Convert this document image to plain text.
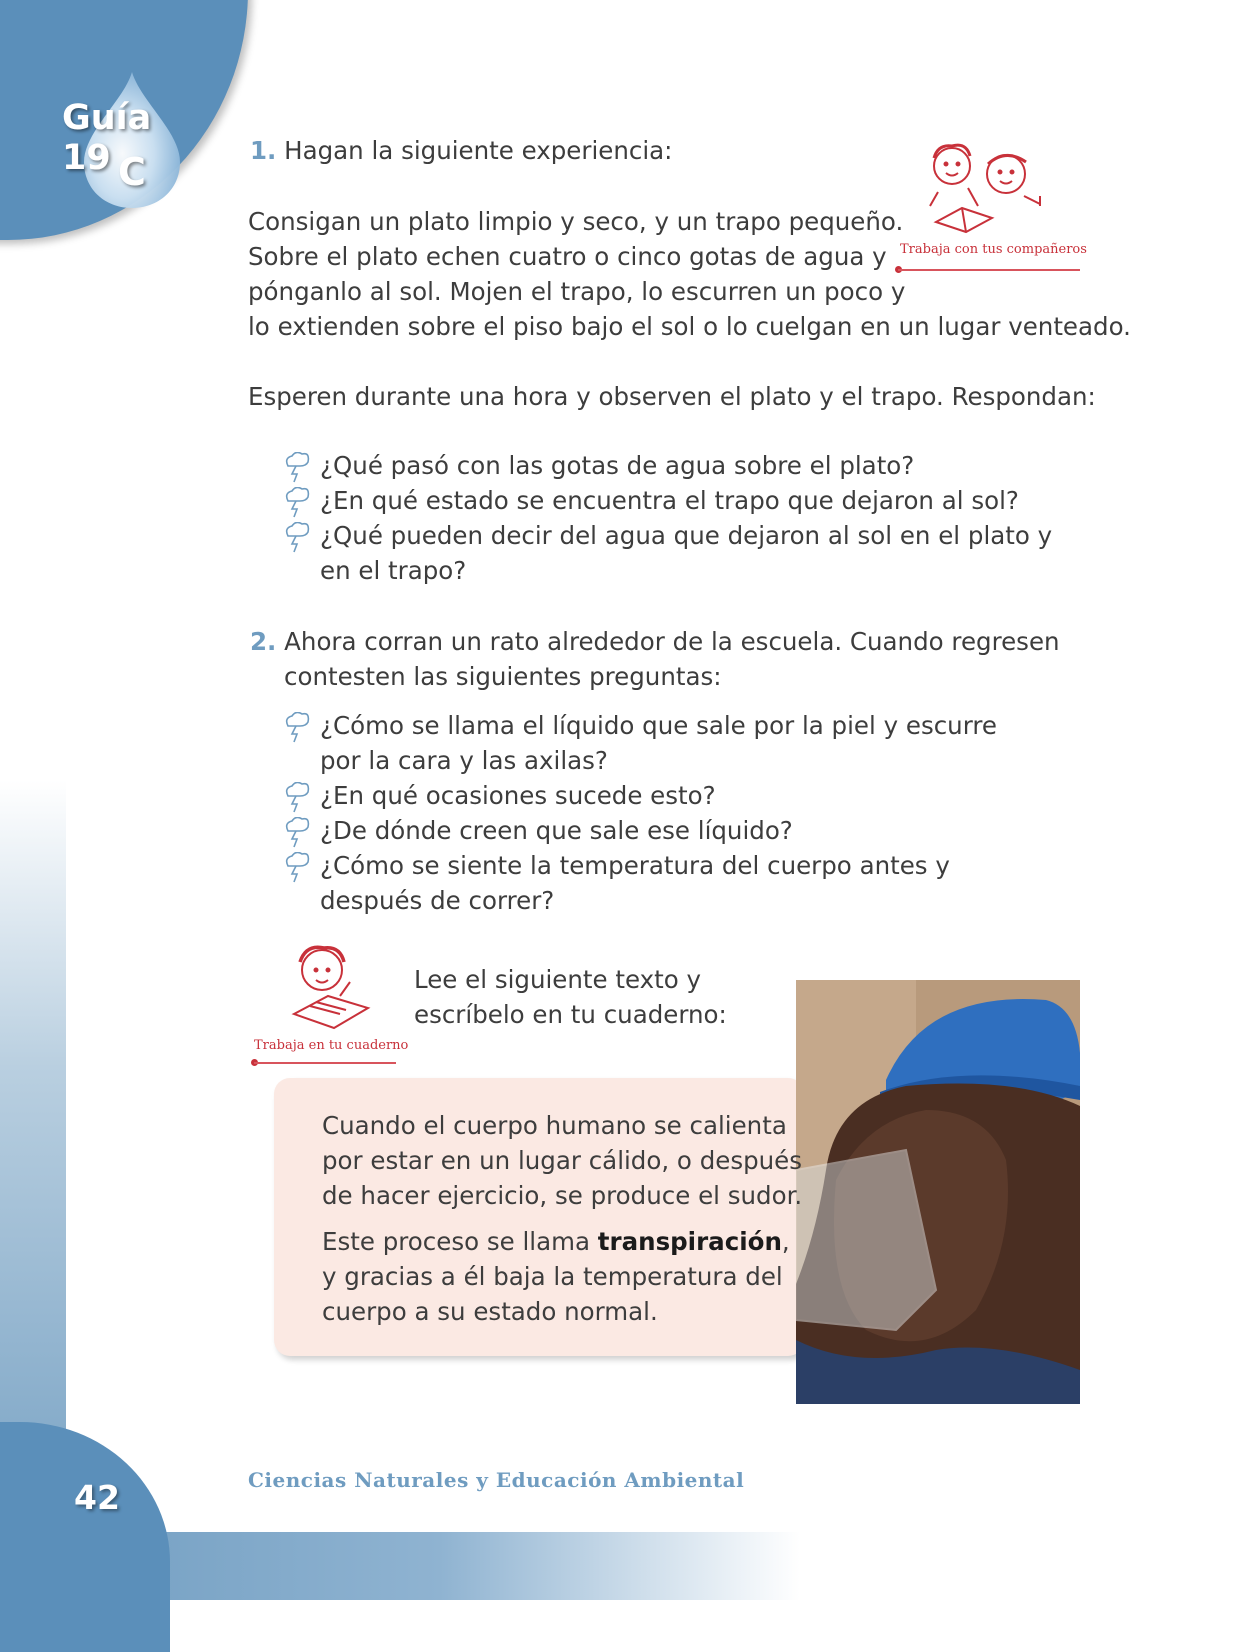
Guía 19 C
Trabaja con tus compañeros
1. Hagan la siguiente experiencia:
Consigan un plato limpio y seco, y un trapo pequeño.
Sobre el plato echen cuatro o cinco gotas de agua y
pónganlo al sol. Mojen el trapo, lo escurren un poco y
lo extienden sobre el piso bajo el sol o lo cuelgan en un lugar venteado.
Esperen durante una hora y observen el plato y el trapo. Respondan:
¿Qué pasó con las gotas de agua sobre el plato?
¿En qué estado se encuentra el trapo que dejaron al sol?
¿Qué pueden decir del agua que dejaron al sol en el plato y
en el trapo?
2. Ahora corran un rato alrededor de la escuela. Cuando regresen
contesten las siguientes preguntas:
¿Cómo se llama el líquido que sale por la piel y escurre
por la cara y las axilas?
¿En qué ocasiones sucede esto?
¿De dónde creen que sale ese líquido?
¿Cómo se siente la temperatura del cuerpo antes y
después de correr?
Trabaja en tu cuaderno
Lee el siguiente texto y
escríbelo en tu cuaderno:
Cuando el cuerpo humano se calienta
por estar en un lugar cálido, o después
de hacer ejercicio, se produce el sudor.
Este proceso se llama transpiración,
y gracias a él baja la temperatura del
cuerpo a su estado normal.
42	Ciencias Naturales y Educación Ambiental
